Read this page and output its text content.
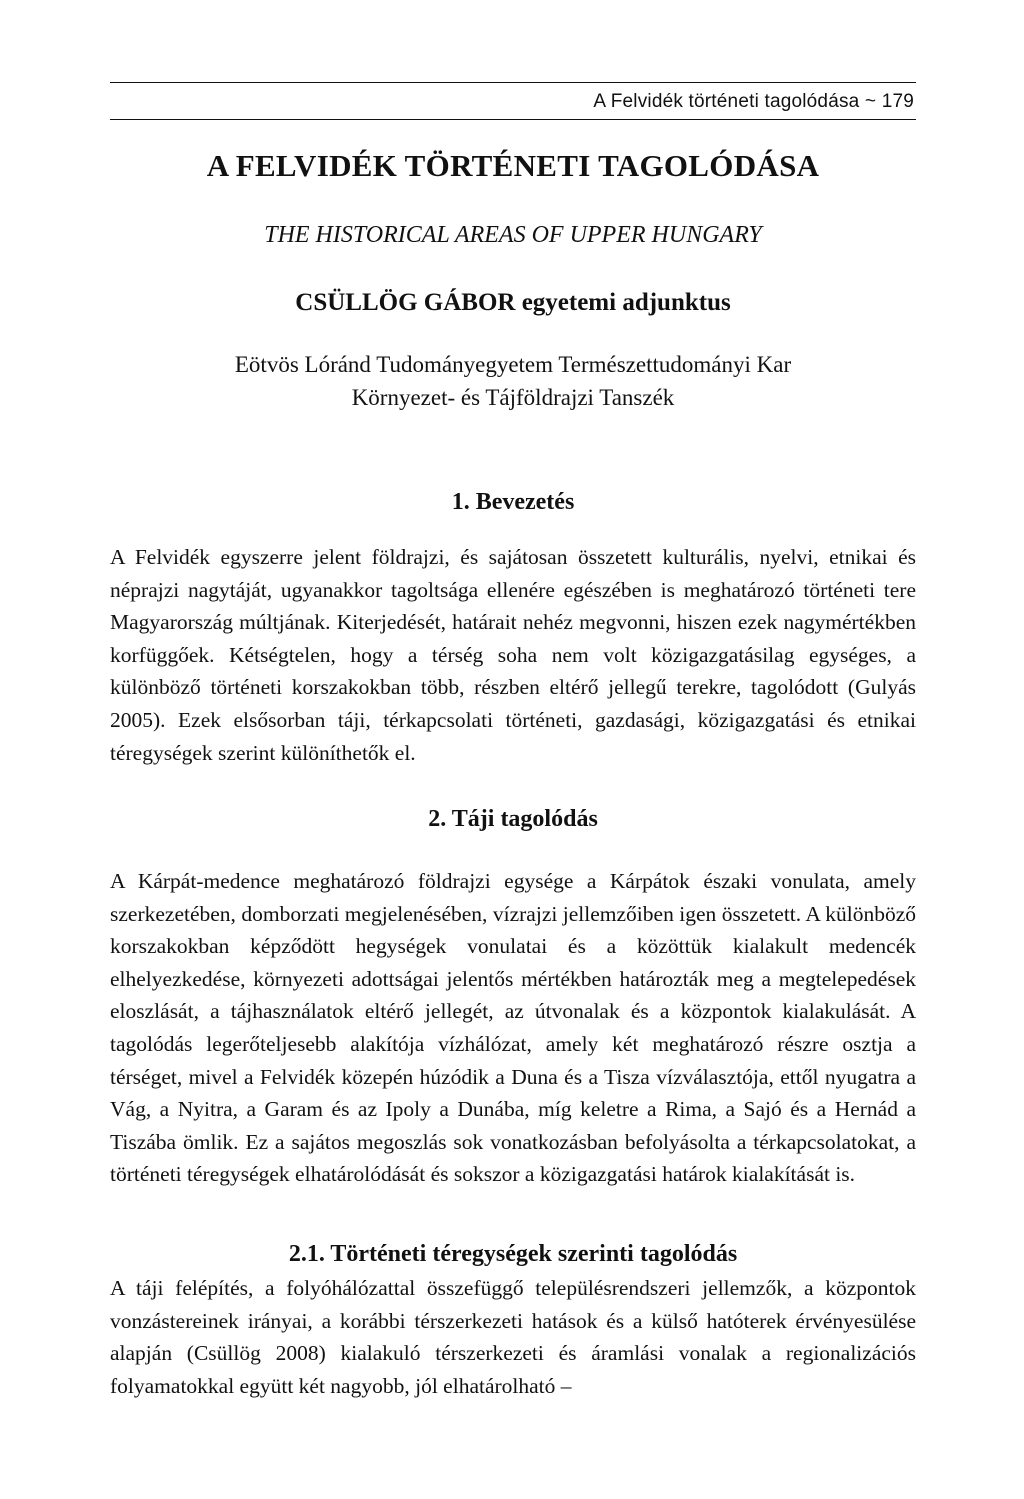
A Felvidék történeti tagolódása ~ 179
A FELVIDÉK TÖRTÉNETI TAGOLÓDÁSA
THE HISTORICAL AREAS OF UPPER HUNGARY
CSÜLLÖG GÁBOR egyetemi adjunktus
Eötvös Lóránd Tudományegyetem Természettudományi Kar
Környezet- és Tájföldrajzi Tanszék
1. Bevezetés

A Felvidék egyszerre jelent földrajzi, és sajátosan összetett kulturális, nyelvi, etnikai és néprajzi nagytáját, ugyanakkor tagoltsága ellenére egészében is meghatározó történeti tere Magyarország múltjának. Kiterjedését, határait nehéz megvonni, hiszen ezek nagymértékben korfüggőek. Kétségtelen, hogy a térség soha nem volt közigazgatásilag egységes, a különböző történeti korszakokban több, részben eltérő jellegű terekre, tagolódott (Gulyás 2005). Ezek elsősorban táji, térkapcsolati történeti, gazdasági, közigazgatási és etnikai téregységek szerint különíthetők el.

2. Táji tagolódás

A Kárpát-medence meghatározó földrajzi egysége a Kárpátok északi vonulata, amely szerkezetében, domborzati megjelenésében, vízrajzi jellemzőiben igen összetett. A különböző korszakokban képződött hegységek vonulatai és a közöttük kialakult medencék elhelyezkedése, környezeti adottságai jelentős mértékben határozták meg a megtelepedések eloszlását, a tájhasználatok eltérő jellegét, az útvonalak és a központok kialakulását. A tagolódás legerőteljesebb alakítója vízhálózat, amely két meghatározó részre osztja a térséget, mivel a Felvidék közepén húzódik a Duna és a Tisza vízválasztója, ettől nyugatra a Vág, a Nyitra, a Garam és az Ipoly a Dunába, míg keletre a Rima, a Sajó és a Hernád a Tiszába ömlik. Ez a sajátos megoszlás sok vonatkozásban befolyásolta a térkapcsolatokat, a történeti téregységek elhatárolódását és sokszor a közigazgatási határok kialakítását is.

2.1. Történeti téregységek szerinti tagolódás

A táji felépítés, a folyóhálózattal összefüggő településrendszeri jellemzők, a központok vonzástereinek irányai, a korábbi térszerkezeti hatások és a külső hatóterek érvényesülése alapján (Csüllög 2008) kialakuló térszerkezeti és áramlási vonalak a regionalizációs folyamatokkal együtt két nagyobb, jól elhatárolható –
